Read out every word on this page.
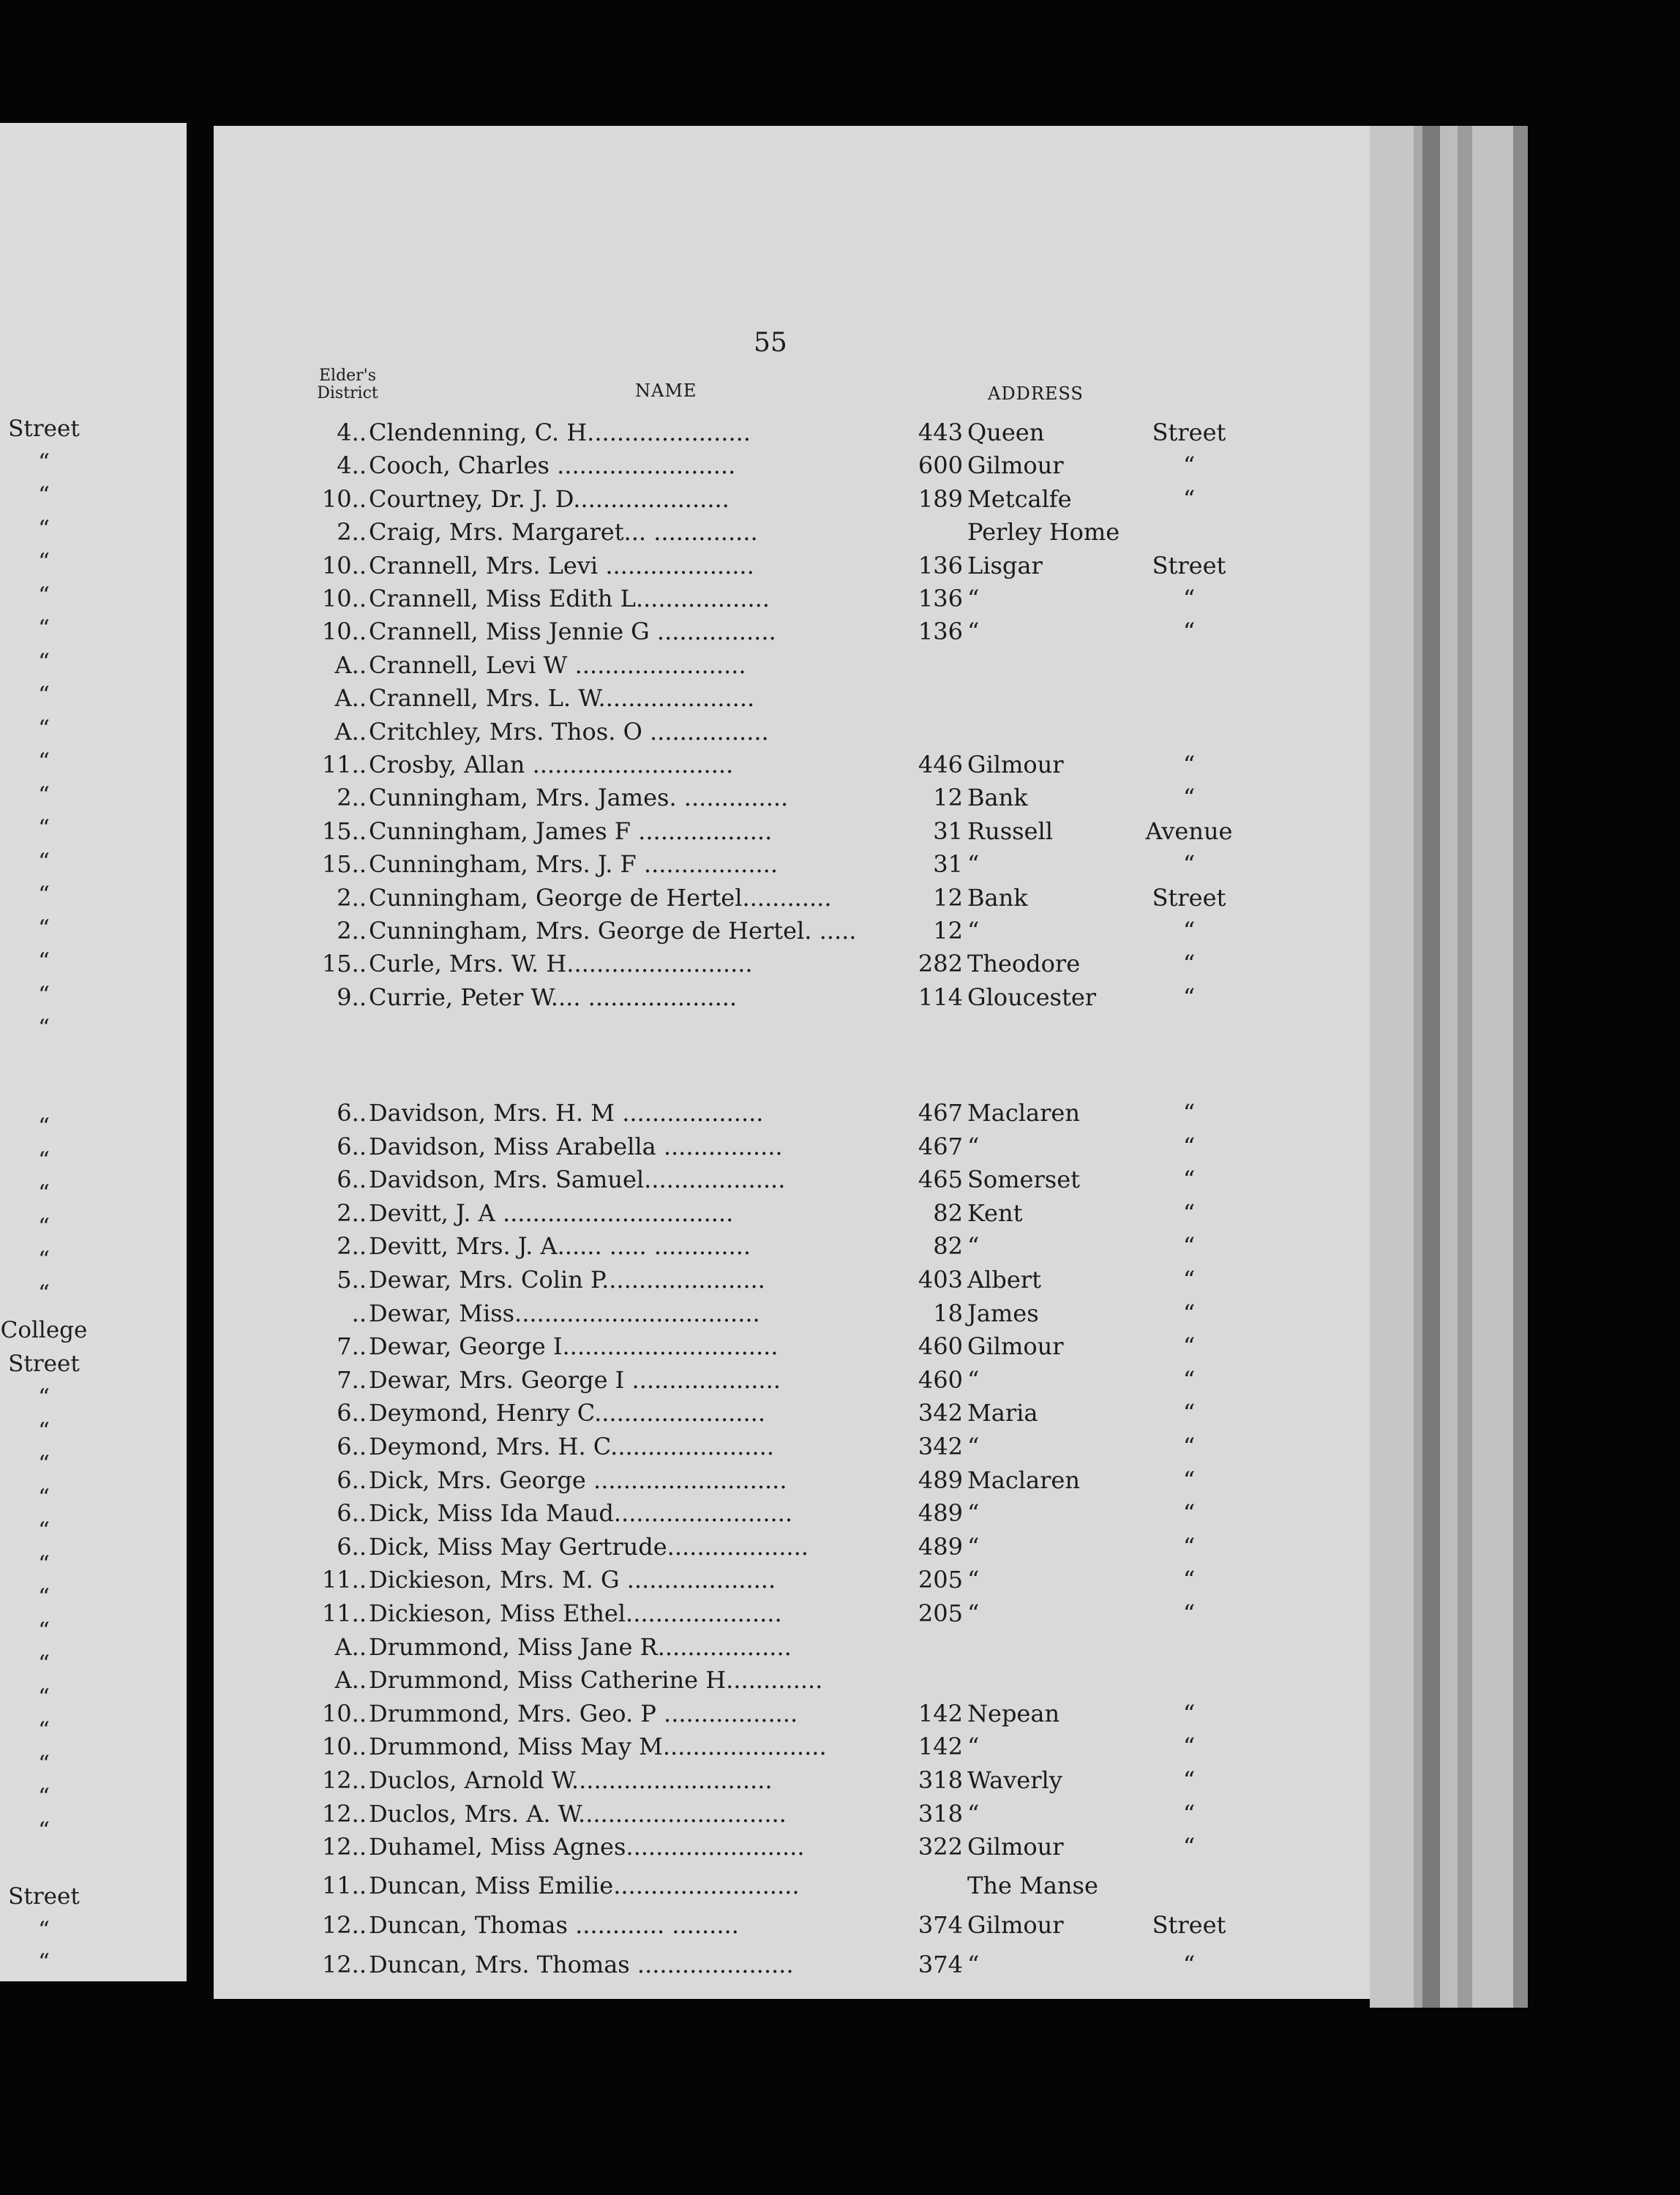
Street
“
“
“
“
“
“
“
“
“
“
“
“
“
“
“
“
“
“
“
“
“
“
“
“
College
Street
“
“
“
“
“
“
“
“
“
“
“
“
“
“
Street
“
“
55
Elder's District	NAME	ADDRESS
4.. Clendenning, C. H......................	443 Queen	Street
4.. Cooch, Charles ........................	600 Gilmour	“
10.. Courtney, Dr. J. D.....................	189 Metcalfe	“
2.. Craig, Mrs. Margaret... ..............	Perley Home
10.. Crannell, Mrs. Levi ....................	136 Lisgar	Street
10.. Crannell, Miss Edith L..................	136 “	“
10.. Crannell, Miss Jennie G ................	136 “	“
A.. Crannell, Levi W .......................
A.. Crannell, Mrs. L. W.....................
A.. Critchley, Mrs. Thos. O ................
11.. Crosby, Allan ...........................	446 Gilmour	“
2.. Cunningham, Mrs. James. ..............	12 Bank	“
15.. Cunningham, James F ..................	31 Russell	Avenue
15.. Cunningham, Mrs. J. F ..................	31 “	“
2.. Cunningham, George de Hertel............	12 Bank	Street
2.. Cunningham, Mrs. George de Hertel. .....	12 “	“
15.. Curle, Mrs. W. H.........................	282 Theodore	“
9.. Currie, Peter W.... ....................	114 Gloucester	“
6.. Davidson, Mrs. H. M ...................	467 Maclaren	“
6.. Davidson, Miss Arabella ................	467 “	“
6.. Davidson, Mrs. Samuel...................	465 Somerset	“
2.. Devitt, J. A ...............................	82 Kent	“
2.. Devitt, Mrs. J. A...... ..... .............	82 “	“
5.. Dewar, Mrs. Colin P......................	403 Albert	“
.. Dewar, Miss.................................	18 James	“
7.. Dewar, George I.............................	460 Gilmour	“
7.. Dewar, Mrs. George I ....................	460 “	“
6.. Deymond, Henry C.......................	342 Maria	“
6.. Deymond, Mrs. H. C......................	342 “	“
6.. Dick, Mrs. George ..........................	489 Maclaren	“
6.. Dick, Miss Ida Maud........................	489 “	“
6.. Dick, Miss May Gertrude...................	489 “	“
11.. Dickieson, Mrs. M. G ....................	205 “	“
11.. Dickieson, Miss Ethel.....................	205 “	“
A.. Drummond, Miss Jane R..................
A.. Drummond, Miss Catherine H.............
10.. Drummond, Mrs. Geo. P ..................	142 Nepean	“
10.. Drummond, Miss May M......................	142 “	“
12.. Duclos, Arnold W...........................	318 Waverly	“
12.. Duclos, Mrs. A. W............................	318 “	“
12.. Duhamel, Miss Agnes........................	322 Gilmour	“
11.. Duncan, Miss Emilie.........................	The Manse
12.. Duncan, Thomas ............ .........	374 Gilmour	Street
12.. Duncan, Mrs. Thomas .....................	374 “	“
